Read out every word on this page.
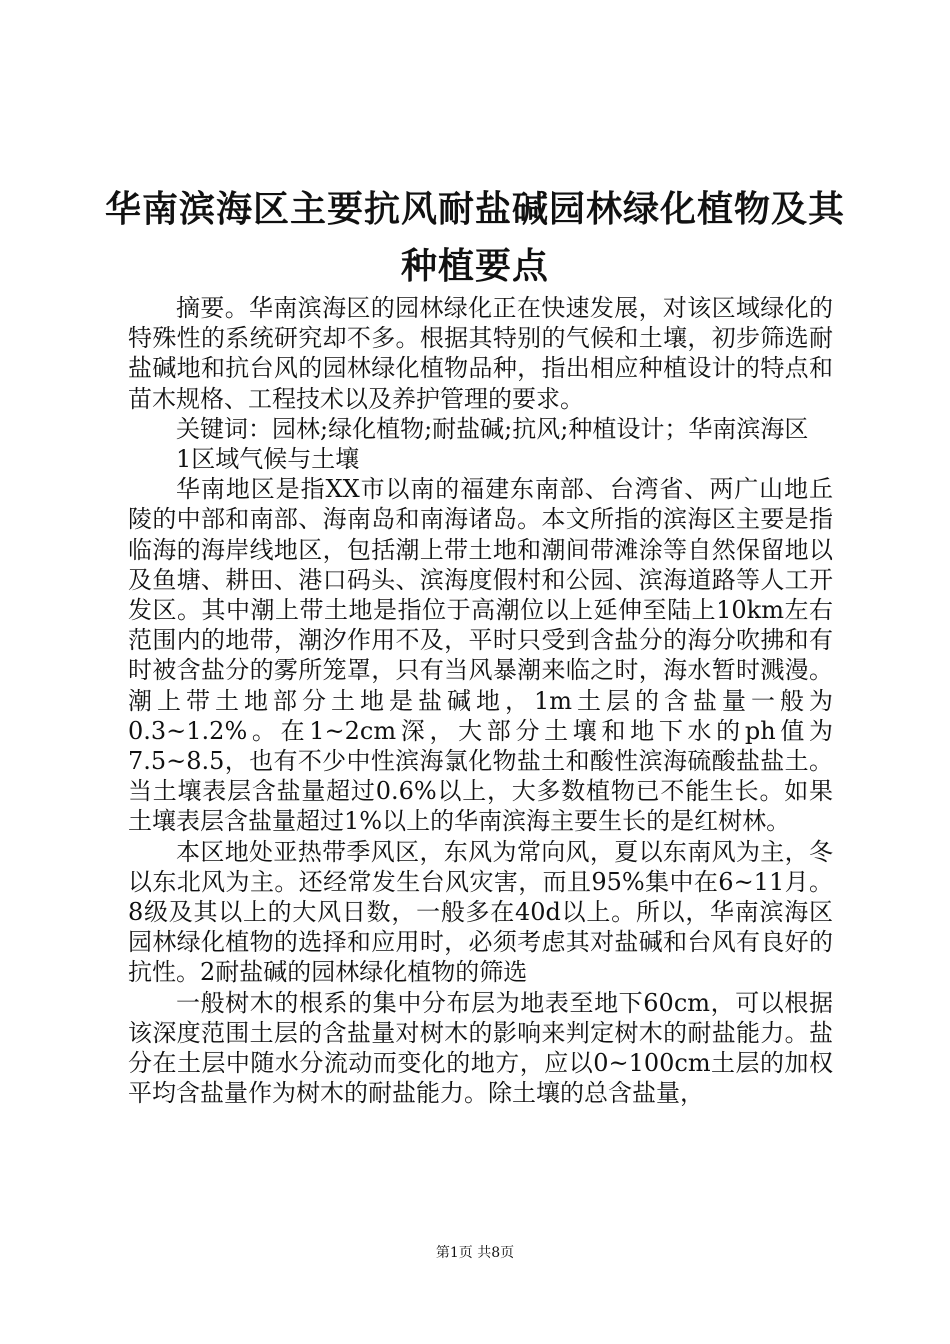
华南滨海区主要抗风耐盐碱园林绿化植物及其
种植要点

摘要。华南滨海区的园林绿化正在快速发展，对该区域绿化的特殊性的系统研究却不多。根据其特别的气候和土壤，初步筛选耐盐碱地和抗台风的园林绿化植物品种，指出相应种植设计的特点和苗木规格、工程技术以及养护管理的要求。

关键词：园林;绿化植物;耐盐碱;抗风;种植设计；华南滨海区

1区域气候与土壤

华南地区是指XX市以南的福建东南部、台湾省、两广山地丘陵的中部和南部、海南岛和南海诸岛。本文所指的滨海区主要是指临海的海岸线地区，包括潮上带土地和潮间带滩涂等自然保留地以及鱼塘、耕田、港口码头、滨海度假村和公园、滨海道路等人工开发区。其中潮上带土地是指位于高潮位以上延伸至陆上10km左右范围内的地带，潮汐作用不及，平时只受到含盐分的海分吹拂和有时被含盐分的雾所笼罩，只有当风暴潮来临之时，海水暂时溅漫。潮上带土地部分土地是盐碱地，1m土层的含盐量一般为0.3~1.2%。在1~2cm深，大部分土壤和地下水的ph值为7.5~8.5，也有不少中性滨海氯化物盐土和酸性滨海硫酸盐盐土。当土壤表层含盐量超过0.6%以上，大多数植物已不能生长。如果土壤表层含盐量超过1%以上的华南滨海主要生长的是红树林。

本区地处亚热带季风区，东风为常向风，夏以东南风为主，冬以东北风为主。还经常发生台风灾害，而且95%集中在6~11月。8级及其以上的大风日数，一般多在40d以上。所以，华南滨海区园林绿化植物的选择和应用时，必须考虑其对盐碱和台风有良好的抗性。2耐盐碱的园林绿化植物的筛选

一般树木的根系的集中分布层为地表至地下60cm，可以根据该深度范围土层的含盐量对树木的影响来判定树木的耐盐能力。盐分在土层中随水分流动而变化的地方，应以0~100cm土层的加权平均含盐量作为树木的耐盐能力。除土壤的总含盐量，

第1页 共8页
